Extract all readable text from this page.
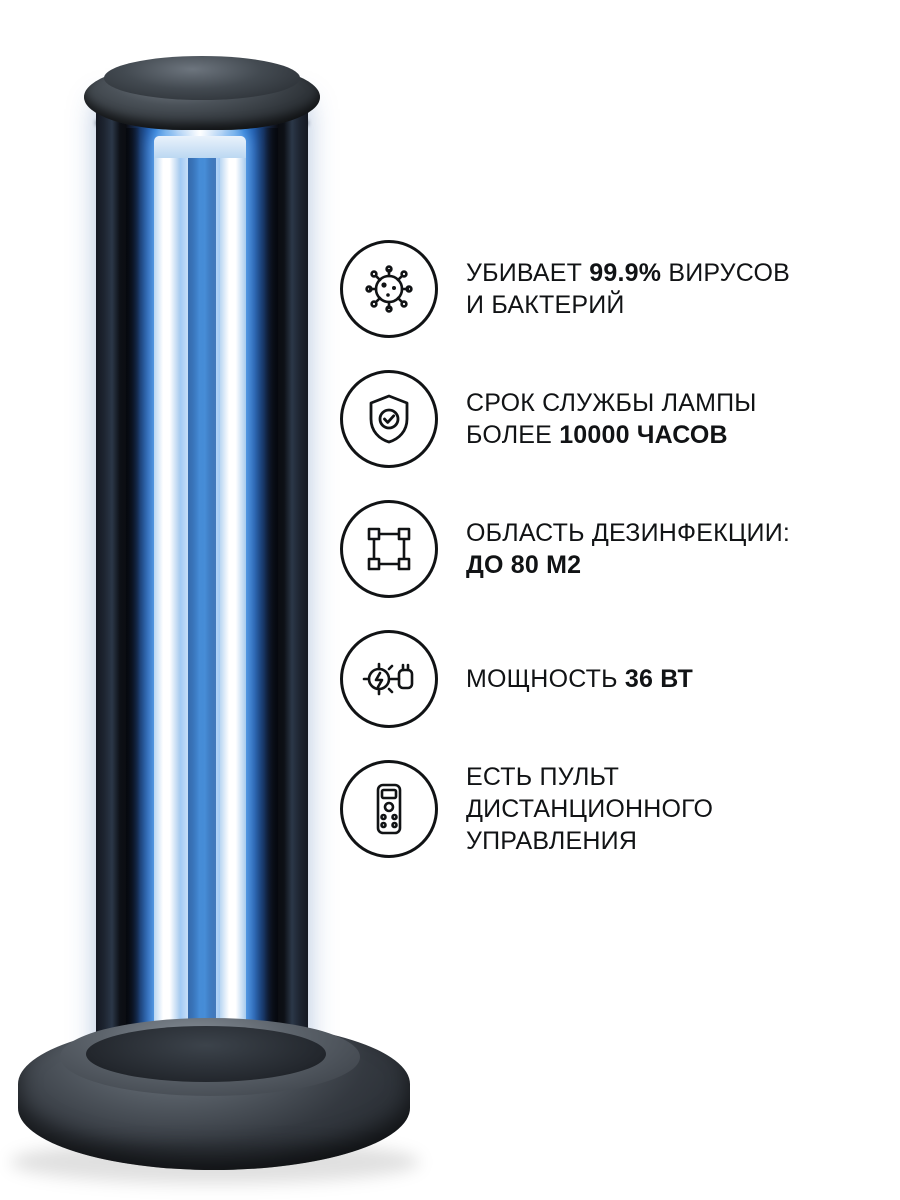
УБИВАЕТ 99.9% ВИРУСОВ
И БАКТЕРИЙ
СРОК СЛУЖБЫ ЛАМПЫ
БОЛЕЕ 10000 ЧАСОВ
ОБЛАСТЬ ДЕЗИНФЕКЦИИ:
ДО 80 М2
МОЩНОСТЬ 36 ВТ
ЕСТЬ ПУЛЬТ
ДИСТАНЦИОННОГО
УПРАВЛЕНИЯ
